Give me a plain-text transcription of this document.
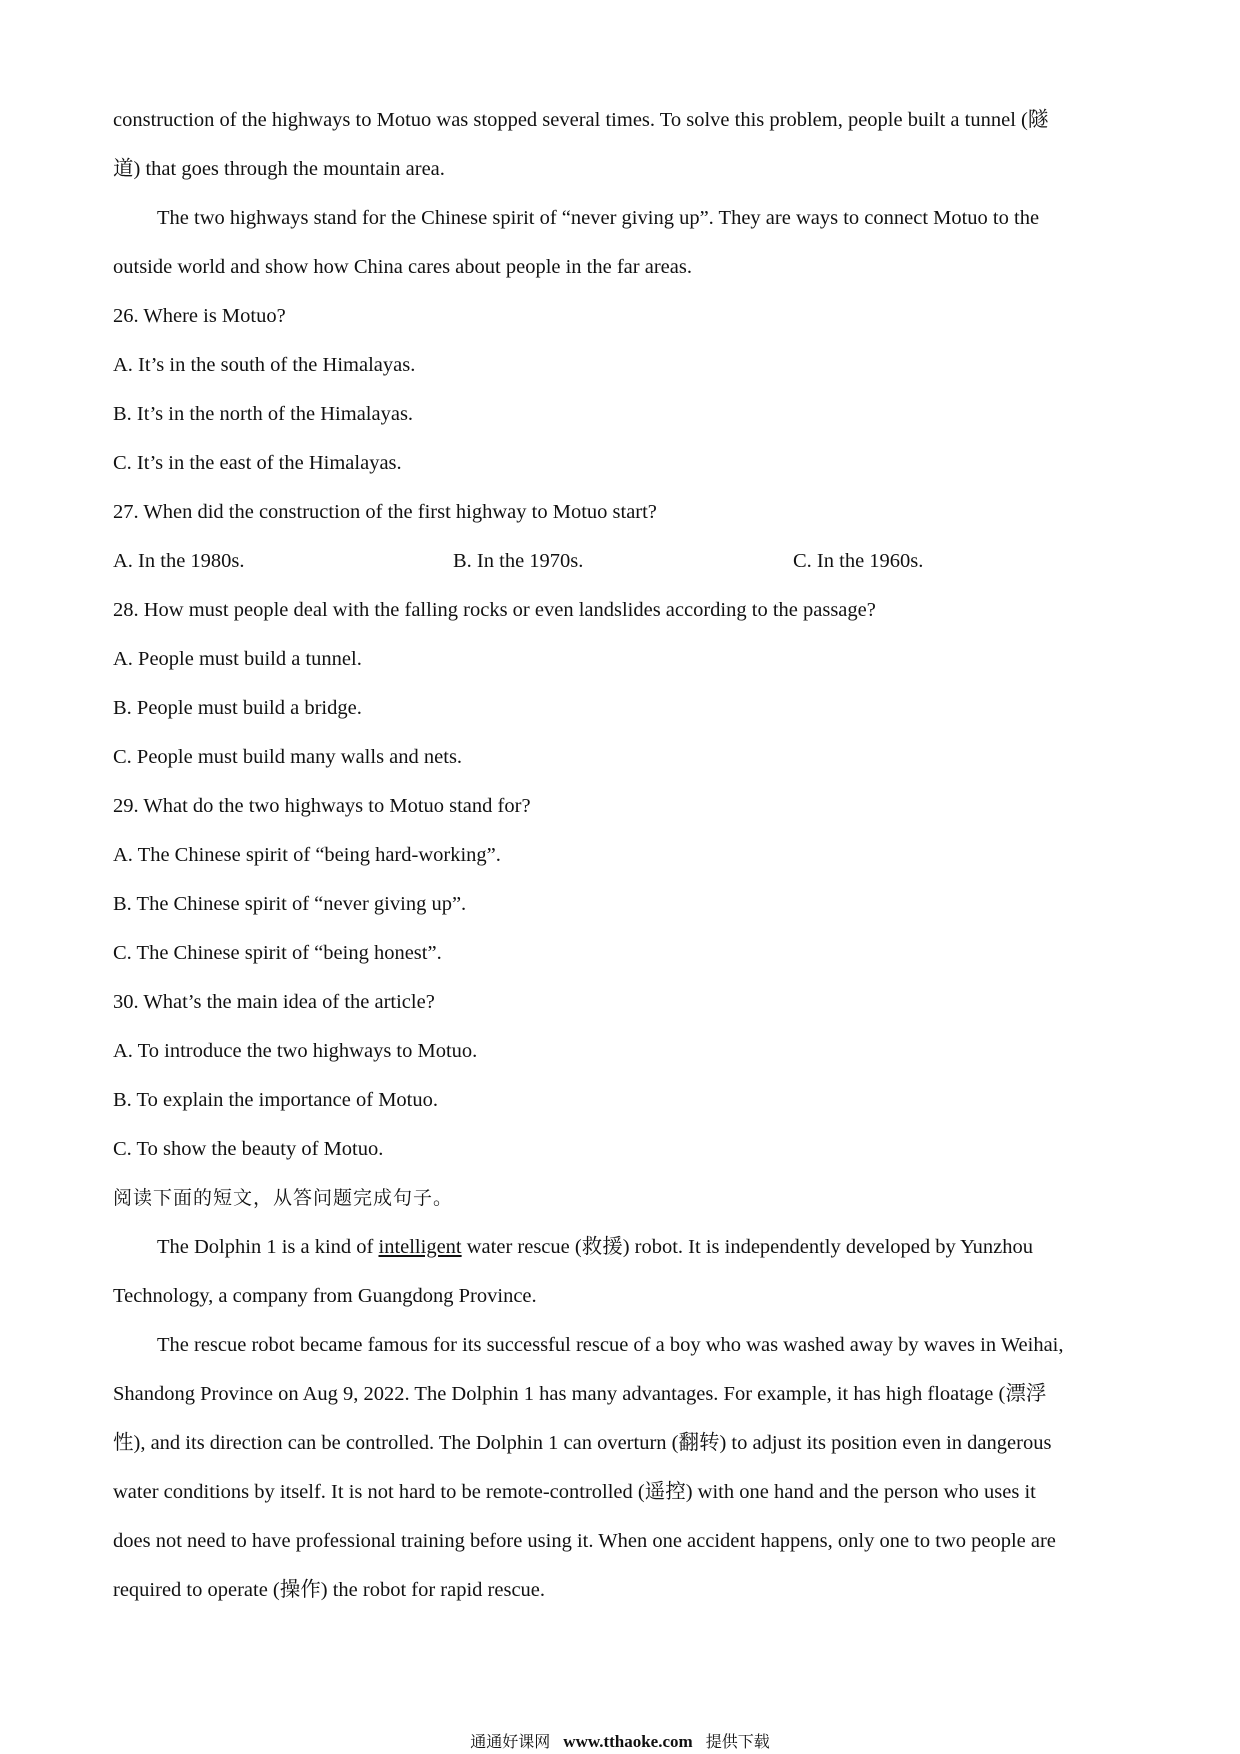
construction of the highways to Motuo was stopped several times. To solve this problem, people built a tunnel (隧
道) that goes through the mountain area.
The two highways stand for the Chinese spirit of “never giving up”. They are ways to connect Motuo to the
outside world and show how China cares about people in the far areas.
26. Where is Motuo?
A. It’s in the south of the Himalayas.
B. It’s in the north of the Himalayas.
C. It’s in the east of the Himalayas.
27. When did the construction of the first highway to Motuo start?
A. In the 1980s.	B. In the 1970s.	C. In the 1960s.
28. How must people deal with the falling rocks or even landslides according to the passage?
A. People must build a tunnel.
B. People must build a bridge.
C. People must build many walls and nets.
29. What do the two highways to Motuo stand for?
A. The Chinese spirit of “being hard-working”.
B. The Chinese spirit of “never giving up”.
C. The Chinese spirit of “being honest”.
30. What’s the main idea of the article?
A. To introduce the two highways to Motuo.
B. To explain the importance of Motuo.
C. To show the beauty of Motuo.
阅读下面的短文，从答问题完成句子。
The Dolphin 1 is a kind of intelligent water rescue (救援) robot. It is independently developed by Yunzhou
Technology, a company from Guangdong Province.
The rescue robot became famous for its successful rescue of a boy who was washed away by waves in Weihai,
Shandong Province on Aug 9, 2022. The Dolphin 1 has many advantages. For example, it has high floatage (漂浮
性), and its direction can be controlled. The Dolphin 1 can overturn (翻转) to adjust its position even in dangerous
water conditions by itself. It is not hard to be remote-controlled (遥控) with one hand and the person who uses it
does not need to have professional training before using it. When one accident happens, only one to two people are
required to operate (操作) the robot for rapid rescue.
通通好课网 www.tthaoke.com 提供下载
